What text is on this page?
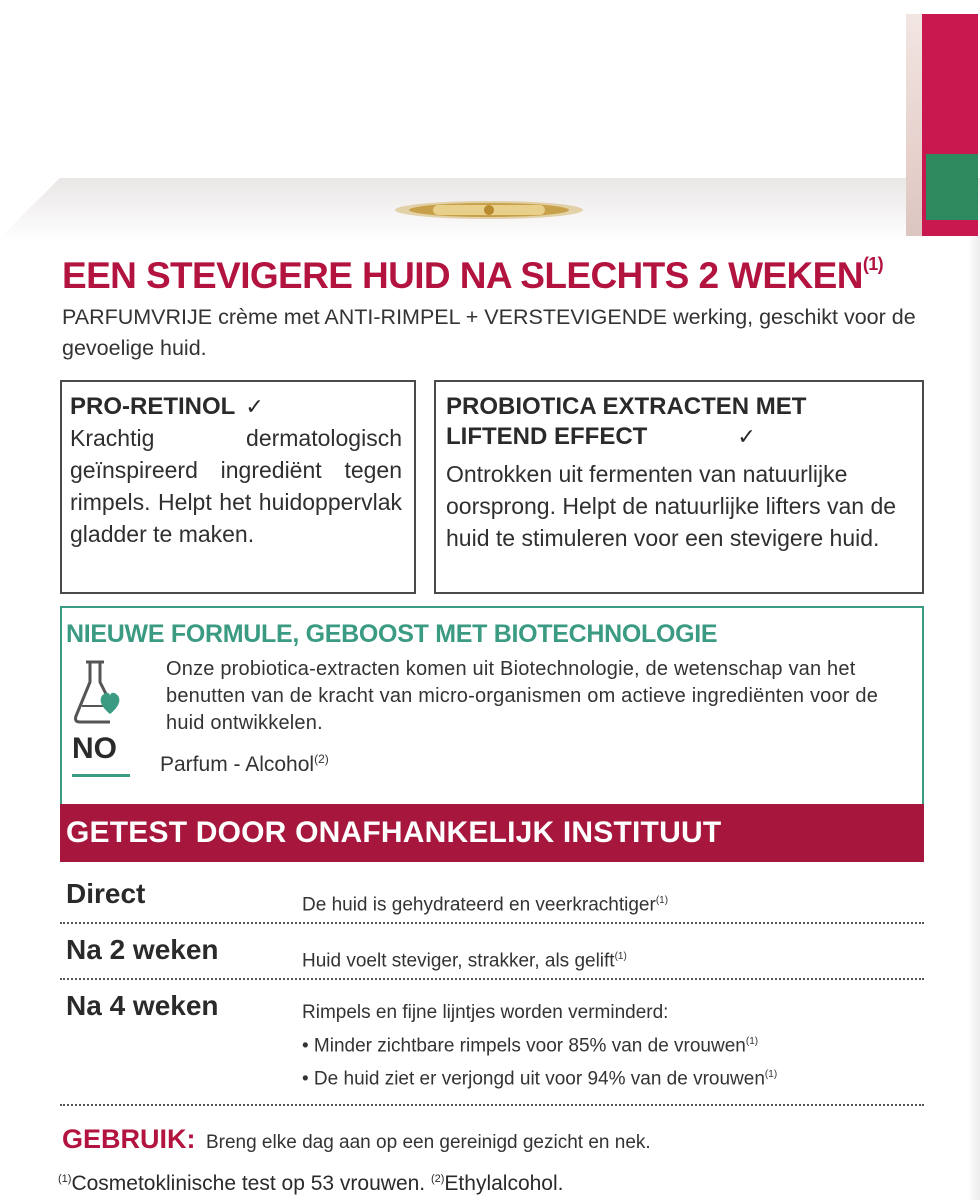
EEN STEVIGERE HUID NA SLECHTS 2 WEKEN$^{(1)}$

PARFUMVRIJE crème met ANTI-RIMPEL + VERSTEVIGENDE werking, geschikt voor de gevoelige huid.

PRO-RETINOL ✓
Krachtig dermatologisch geïnspireerd ingrediënt tegen rimpels. Helpt het huidoppervlak gladder te maken.
PROBIOTICA EXTRACTEN MET LIFTEND EFFECT	✓
Ontrokken uit fermenten van natuurlijke oorsprong. Helpt de natuurlijke lifters van de huid te stimuleren voor een stevigere huid.
NIEUWE FORMULE, GEBOOST MET BIOTECHNOLOGIE
Onze probiotica-extracten komen uit Biotechnologie, de wetenschap van het benutten van de kracht van micro-organismen om actieve ingrediënten voor de huid ontwikkelen.
NO Parfum - Alcohol$^{(2)}$
GETEST DOOR ONAFHANKELIJK INSTITUUT
Direct	De huid is gehydrateerd en veerkrachtiger$^{(1)}$
Na 2 weken	Huid voelt steviger, strakker, als gelift$^{(1)}$
Na 4 weken	Rimpels en fijne lijntjes worden verminderd:
• Minder zichtbare rimpels voor 85% van de vrouwen$^{(1)}$
• De huid ziet er verjongd uit voor 94% van de vrouwen$^{(1)}$
GEBRUIK: Breng elke dag aan op een gereinigd gezicht en nek.
$^{(1)}$Cosmetoklinische test op 53 vrouwen. $^{(2)}$Ethylalcohol.
